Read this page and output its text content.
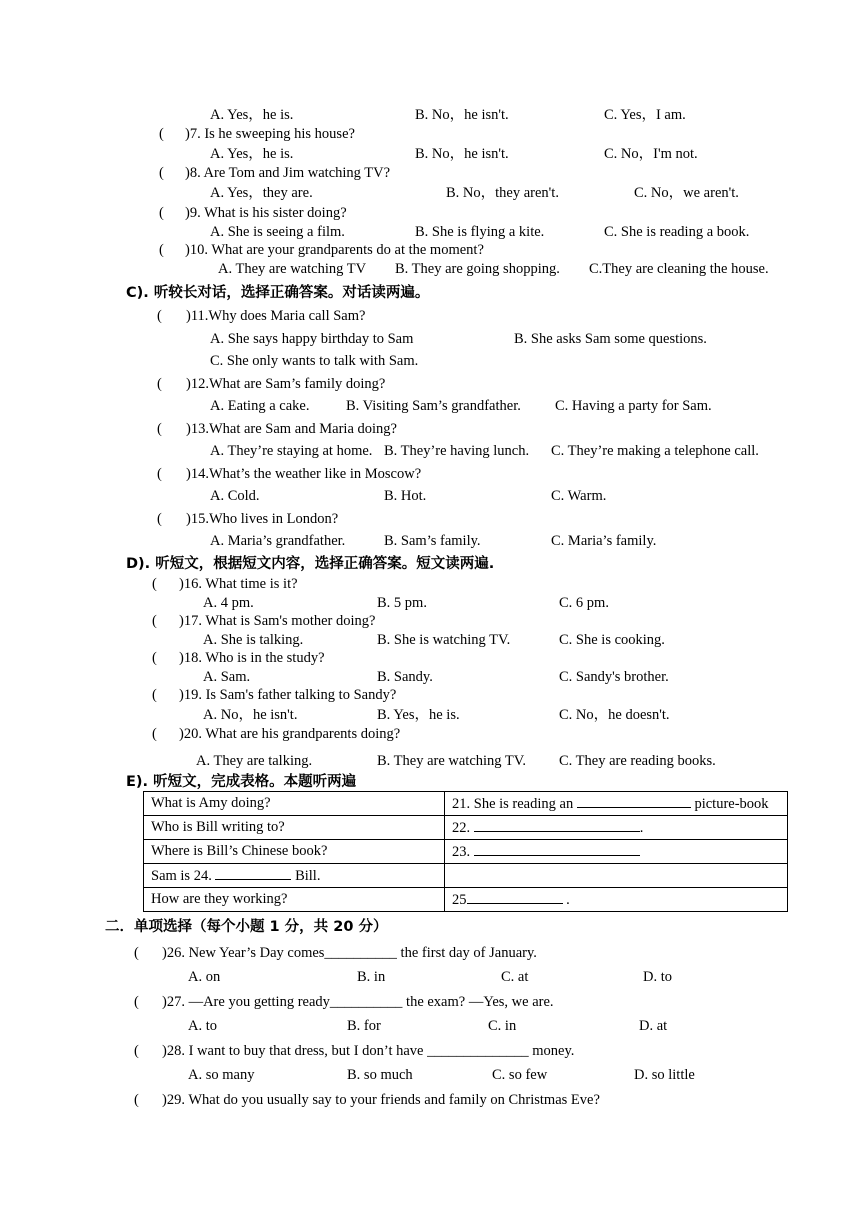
A. Yes，he is.	B. No，he isn't.	C. Yes，I am.
( )7. Is he sweeping his house?
A. Yes，he is.	B. No，he isn't.	C. No，I'm not.
( )8. Are Tom and Jim watching TV?
A. Yes，they are.	B. No，they aren't.	C. No，we aren't.
( )9. What is his sister doing?
A. She is seeing a film.	B. She is flying a kite.	C. She is reading a book.
( )10. What are your grandparents do at the moment?
A. They are watching TV B. They are going shopping. C.They are cleaning the house.
C). 听较长对话，选择正确答案。对话读两遍。
( )11.Why does Maria call Sam?
A. She says happy birthday to Sam	B. She asks Sam some questions.
C. She only wants to talk with Sam.
( )12.What are Sam’s family doing?
A. Eating a cake.	B. Visiting Sam’s grandfather. C. Having a party for Sam.
( )13.What are Sam and Maria doing?
A. They’re staying at home. B. They’re having lunch. C. They’re making a telephone call.
( )14.What’s the weather like in Moscow?
A. Cold.	B. Hot.	C. Warm.
( )15.Who lives in London?
A. Maria’s grandfather.	B. Sam’s family.	C. Maria’s family.
D). 听短文，根据短文内容，选择正确答案。短文读两遍.
( )16. What time is it?
A. 4 pm.	B. 5 pm.	C. 6 pm.
( )17. What is Sam's mother doing?
A. She is talking.	B. She is watching TV.	C. She is cooking.
( )18. Who is in the study?
A. Sam.	B. Sandy.	C. Sandy's brother.
( )19. Is Sam's father talking to Sandy?
A. No，he isn't.	B. Yes，he is.	C. No，he doesn't.
( )20. What are his grandparents doing?
A. They are talking.	B. They are watching TV. C. They are reading books.
E). 听短文，完成表格。本题听两遍
What is Amy doing?	21. She is reading an picture-book
Who is Bill writing to?	22. .
Where is Bill’s Chinese book?	23.
Sam is 24. Bill.	
How are they working?	25 .
二．单项选择（每个小题 1 分，共 20 分）
( )26. New Year’s Day comes__________ the first day of January.
A. on	B. in	C. at	D. to
( )27. —Are you getting ready__________ the exam? —Yes, we are.
A. to	B. for	C. in	D. at
( )28. I want to buy that dress, but I don’t have ______________ money.
A. so many	B. so much	C. so few	D. so little
( )29. What do you usually say to your friends and family on Christmas Eve?
